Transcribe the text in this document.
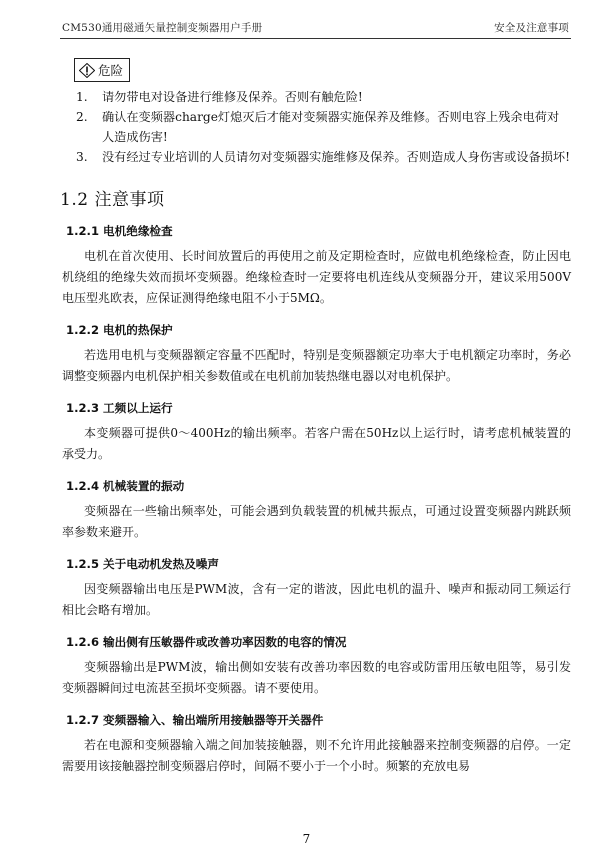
CM530通用磁通矢量控制变频器用户手册	安全及注意事项
危险
1.	请勿带电对设备进行维修及保养。否则有触危险!
2.	确认在变频器charge灯熄灭后才能对变频器实施保养及维修。否则电容上残余电荷对人造成伤害!
3.	没有经过专业培训的人员请勿对变频器实施维修及保养。否则造成人身伤害或设备损坏!
1.2 注意事项
1.2.1 电机绝缘检查
电机在首次使用、长时间放置后的再使用之前及定期检查时，应做电机绝缘检查，防止因电机绕组的绝缘失效而损坏变频器。绝缘检查时一定要将电机连线从变频器分开，建议采用500V电压型兆欧表，应保证测得绝缘电阻不小于5MΩ。
1.2.2 电机的热保护
若选用电机与变频器额定容量不匹配时，特别是变频器额定功率大于电机额定功率时，务必调整变频器内电机保护相关参数值或在电机前加装热继电器以对电机保护。
1.2.3 工频以上运行
本变频器可提供0～400Hz的输出频率。若客户需在50Hz以上运行时，请考虑机械装置的承受力。
1.2.4 机械装置的振动
变频器在一些输出频率处，可能会遇到负载装置的机械共振点，可通过设置变频器内跳跃频率参数来避开。
1.2.5 关于电动机发热及噪声
因变频器输出电压是PWM波，含有一定的谐波，因此电机的温升、噪声和振动同工频运行相比会略有增加。
1.2.6 输出侧有压敏器件或改善功率因数的电容的情况
变频器输出是PWM波，输出侧如安装有改善功率因数的电容或防雷用压敏电阻等，易引发变频器瞬间过电流甚至损坏变频器。请不要使用。
1.2.7 变频器输入、输出端所用接触器等开关器件
若在电源和变频器输入端之间加装接触器，则不允许用此接触器来控制变频器的启停。一定需要用该接触器控制变频器启停时，间隔不要小于一个小时。频繁的充放电易
7
